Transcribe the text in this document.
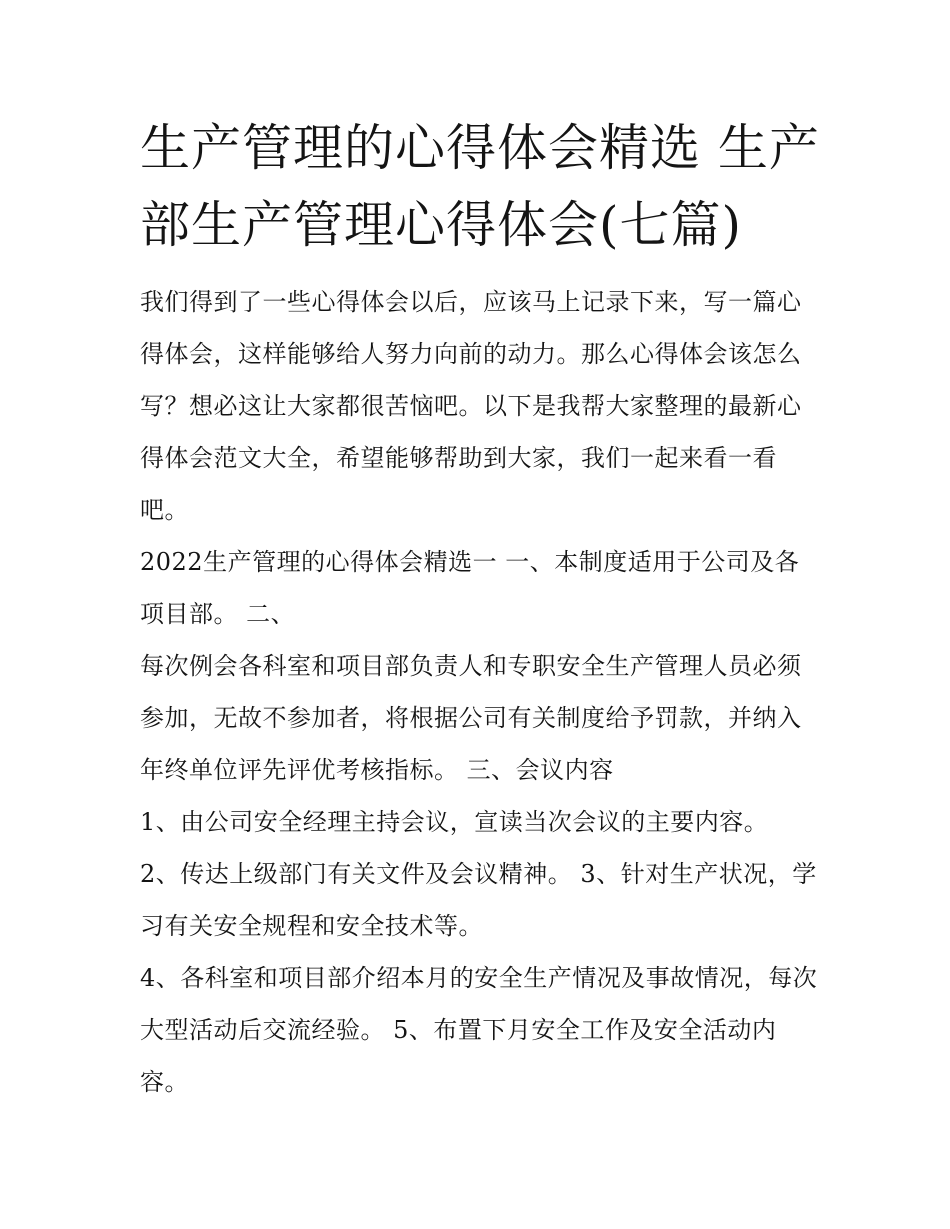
生产管理的心得体会精选 生产部生产管理心得体会(七篇)

我们得到了一些心得体会以后，应该马上记录下来，写一篇心得体会，这样能够给人努力向前的动力。那么心得体会该怎么写？想必这让大家都很苦恼吧。以下是我帮大家整理的最新心得体会范文大全，希望能够帮助到大家，我们一起来看一看吧。

2022生产管理的心得体会精选一 一、本制度适用于公司及各项目部。 二、

每次例会各科室和项目部负责人和专职安全生产管理人员必须参加，无故不参加者，将根据公司有关制度给予罚款，并纳入年终单位评先评优考核指标。 三、会议内容

1、由公司安全经理主持会议，宣读当次会议的主要内容。

2、传达上级部门有关文件及会议精神。 3、针对生产状况，学习有关安全规程和安全技术等。

4、各科室和项目部介绍本月的安全生产情况及事故情况，每次大型活动后交流经验。 5、布置下月安全工作及安全活动内容。
